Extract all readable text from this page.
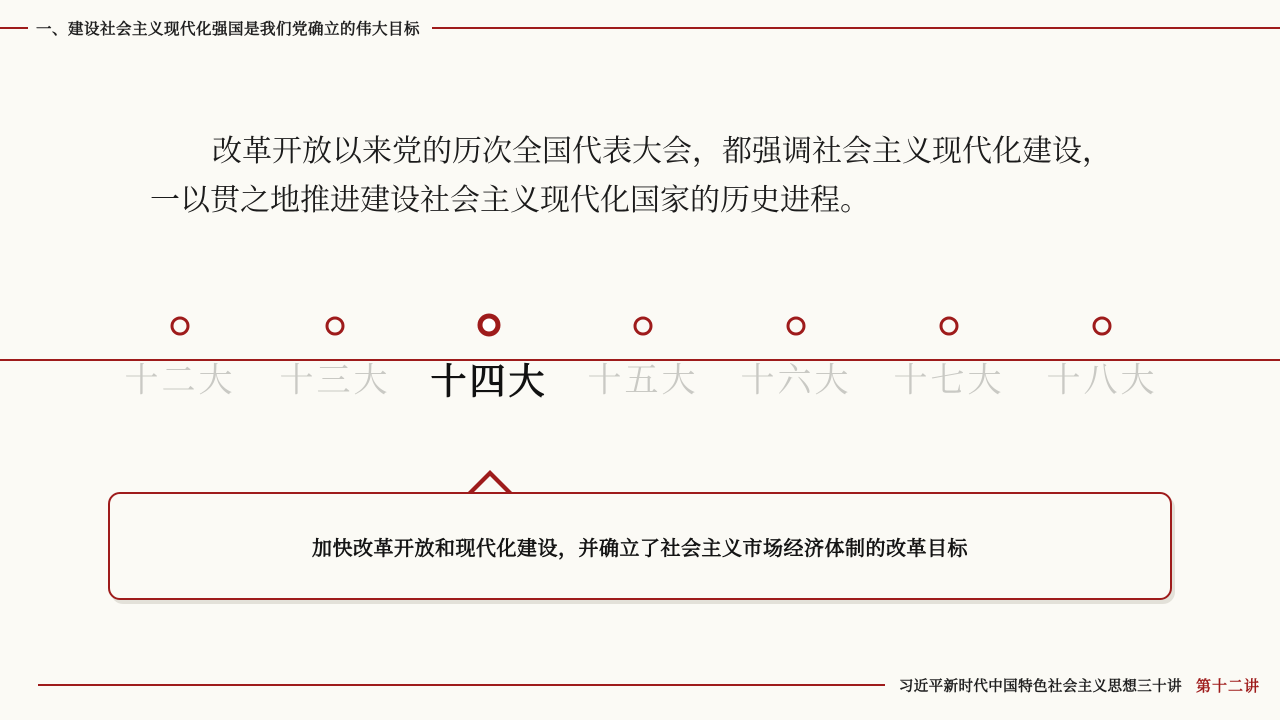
一、建设社会主义现代化强国是我们党确立的伟大目标
改革开放以来党的历次全国代表大会，都强调社会主义现代化建设，一以贯之地推进建设社会主义现代化国家的历史进程。
十二大 十三大 十四大 十五大 十六大 十七大 十八大
加快改革开放和现代化建设，并确立了社会主义市场经济体制的改革目标
习近平新时代中国特色社会主义思想三十讲 第十二讲
